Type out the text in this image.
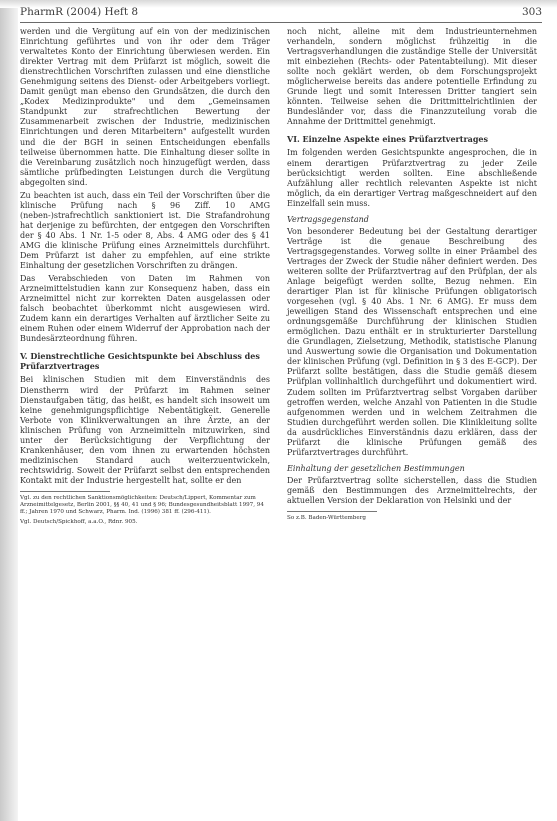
PharmR (2004) Heft 8	303

werden und die Vergütung auf ein von der medizinischen Einrichtung geführtes und von ihr oder dem Träger verwaltetes Konto der Einrichtung überwiesen werden. Ein direkter Vertrag mit dem Prüfarzt ist möglich, soweit die dienstrechtlichen Vorschriften zulassen und eine dienstliche Genehmigung seitens des Dienst- oder Arbeitgebers vorliegt. Damit genügt man ebenso den Grundsätzen, die durch den „Kodex Medizinprodukte" und dem „Gemeinsamen Standpunkt zur strafrechtlichen Bewertung der Zusammenarbeit zwischen der Industrie, medizinischen Einrichtungen und deren Mitarbeitern" aufgestellt wurden und die der BGH in seinen Entscheidungen ebenfalls teilweise übernommen hatte. Die Einhaltung dieser sollte in die Vereinbarung zusätzlich noch hinzugefügt werden, dass sämtliche prüfbedingten Leistungen durch die Vergütung abgegolten sind.

Zu beachten ist auch, dass ein Teil der Vorschriften über die klinische Prüfung nach § 96 Ziff. 10 AMG (neben-)strafrechtlich sanktioniert ist. Die Strafandrohung hat derjenige zu befürchten, der entgegen den Vorschriften der § 40 Abs. 1 Nr. 1-5 oder 8, Abs. 4 AMG oder des § 41 AMG die klinische Prüfung eines Arzneimittels durchführt. Dem Prüfarzt ist daher zu empfehlen, auf eine strikte Einhaltung der gesetzlichen Vorschriften zu drängen.

Das Verabschieden von Daten im Rahmen von Arzneimittelstudien kann zur Konsequenz haben, dass ein Arzneimittel nicht zur korrekten Daten ausgelassen oder falsch beobachtet überkommt nicht ausgewiesen wird. Zudem kann ein derartiges Verhalten auf ärztlicher Seite zu einem Ruhen oder einem Widerruf der Approbation nach der Bundesärzteordnung führen.

V. Dienstrechtliche Gesichtspunkte bei Abschluss des Prüfarztvertrages

Bei klinischen Studien mit dem Einverständnis des Dienstherrn wird der Prüfarzt im Rahmen seiner Dienstaufgaben tätig, das heißt, es handelt sich insoweit um keine genehmigungspflichtige Nebentätigkeit. Generelle Verbote von Klinikverwaltungen an ihre Ärzte, an der klinischen Prüfung von Arzneimitteln mitzuwirken, sind unter der Berücksichtigung der Verpflichtung der Krankenhäuser, den vom ihnen zu erwartenden höchsten medizinischen Standard auch weiterzuentwickeln, rechtswidrig. Soweit der Prüfarzt selbst den entsprechenden Kontakt mit der Industrie hergestellt hat, sollte er den

Vgl. zu den rechtlichen Sanktionsmöglichkeiten: Deutsch/Lippert, Kommentar zum Arzneimittelgesetz, Berlin 2001, §§ 40, 41 und § 96; Bundesgesundheitsblatt 1997, 94 ff.; Jahren 1970 und Schwarz, Pharm. Ind. (1996) 381 ff. (296-411).

Vgl. Deutsch/Spickhoff, a.a.O., Rdnr. 905.

noch nicht, alleine mit dem Industrieunternehmen verhandeln, sondern möglichst frühzeitig in die Vertragsverhandlungen die zuständige Stelle der Universität mit einbeziehen (Rechts- oder Patentabteilung). Mit dieser sollte noch geklärt werden, ob dem Forschungsprojekt möglicherweise bereits das andere potentielle Erfindung zu Grunde liegt und somit Interessen Dritter tangiert sein könnten. Teilweise sehen die Drittmittelrichtlinien der Bundesländer vor, dass die Finanzzuteilung vorab die Annahme der Drittmittel genehmigt.

VI. Einzelne Aspekte eines Prüfarztvertrages

Im folgenden werden Gesichtspunkte angesprochen, die in einem derartigen Prüfarztvertrag zu jeder Zeile berücksichtigt werden sollten. Eine abschließende Aufzählung aller rechtlich relevanten Aspekte ist nicht möglich, da ein derartiger Vertrag maßgeschneidert auf den Einzelfall sein muss.

Vertragsgegenstand

Von besonderer Bedeutung bei der Gestaltung derartiger Verträge ist die genaue Beschreibung des Vertragsgegenstandes. Vorweg sollte in einer Präambel des Vertrages der Zweck der Studie näher definiert werden. Des weiteren sollte der Prüfarztvertrag auf den Prüfplan, der als Anlage beigefügt werden sollte, Bezug nehmen. Ein derartiger Plan ist für klinische Prüfungen obligatorisch vorgesehen (vgl. § 40 Abs. 1 Nr. 6 AMG). Er muss dem jeweiligen Stand des Wissenschaft entsprechen und eine ordnungsgemäße Durchführung der klinischen Studien ermöglichen. Dazu enthält er in strukturierter Darstellung die Grundlagen, Zielsetzung, Methodik, statistische Planung und Auswertung sowie die Organisation und Dokumentation der klinischen Prüfung (vgl. Definition in § 3 des E-GCP). Der Prüfarzt sollte bestätigen, dass die Studie gemäß diesem Prüfplan vollinhaltlich durchgeführt und dokumentiert wird. Zudem sollten im Prüfarztvertrag selbst Vorgaben darüber getroffen werden, welche Anzahl von Patienten in die Studie aufgenommen werden und in welchem Zeitrahmen die Studien durchgeführt werden sollen. Die Klinikleitung sollte da ausdrückliches Einverständnis dazu erklären, dass der Prüfarzt die klinische Prüfungen gemäß des Prüfarztvertrages durchführt.

Einhaltung der gesetzlichen Bestimmungen

Der Prüfarztvertrag sollte sicherstellen, dass die Studien gemäß den Bestimmungen des Arzneimittelrechts, der aktuellen Version der Deklaration von Helsinki und der

So z.B. Baden-Württemberg
